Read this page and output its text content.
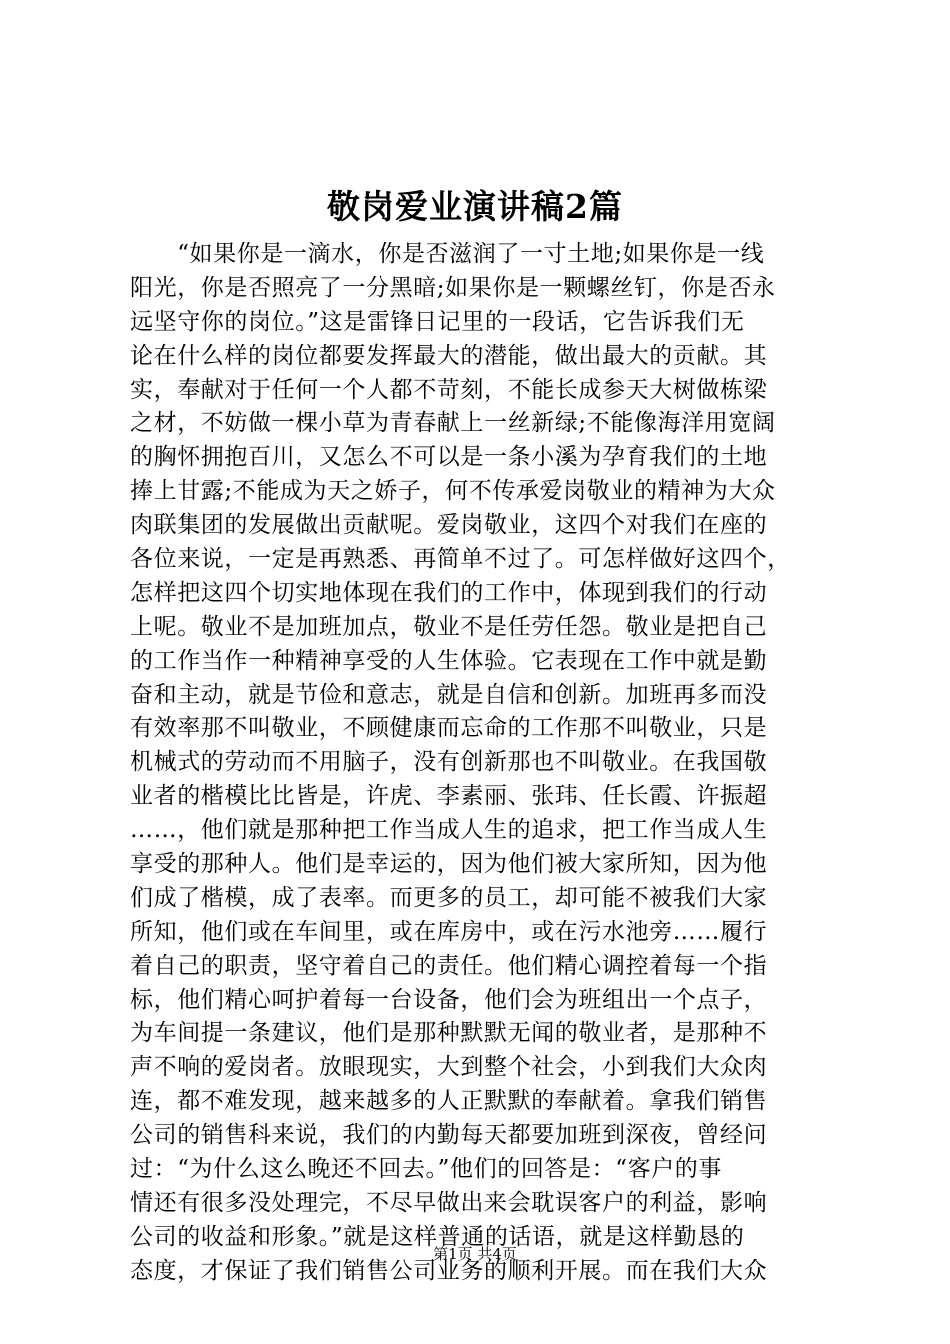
敬岗爱业演讲稿2篇
　　“如果你是一滴水，你是否滋润了一寸土地;如果你是一线
阳光，你是否照亮了一分黑暗;如果你是一颗螺丝钉，你是否永
远坚守你的岗位。”这是雷锋日记里的一段话，它告诉我们无
论在什么样的岗位都要发挥最大的潜能，做出最大的贡献。其
实，奉献对于任何一个人都不苛刻，不能长成参天大树做栋梁
之材，不妨做一棵小草为青春献上一丝新绿;不能像海洋用宽阔
的胸怀拥抱百川，又怎么不可以是一条小溪为孕育我们的土地
捧上甘露;不能成为天之娇子，何不传承爱岗敬业的精神为大众
肉联集团的发展做出贡献呢。爱岗敬业，这四个对我们在座的
各位来说，一定是再熟悉、再简单不过了。可怎样做好这四个，
怎样把这四个切实地体现在我们的工作中，体现到我们的行动
上呢。敬业不是加班加点，敬业不是任劳任怨。敬业是把自己
的工作当作一种精神享受的人生体验。它表现在工作中就是勤
奋和主动，就是节俭和意志，就是自信和创新。加班再多而没
有效率那不叫敬业，不顾健康而忘命的工作那不叫敬业，只是
机械式的劳动而不用脑子，没有创新那也不叫敬业。在我国敬
业者的楷模比比皆是，许虎、李素丽、张玮、任长霞、许振超
……，他们就是那种把工作当成人生的追求，把工作当成人生
享受的那种人。他们是幸运的，因为他们被大家所知，因为他
们成了楷模，成了表率。而更多的员工，却可能不被我们大家
所知，他们或在车间里，或在库房中，或在污水池旁……履行
着自己的职责，坚守着自己的责任。他们精心调控着每一个指
标，他们精心呵护着每一台设备，他们会为班组出一个点子，
为车间提一条建议，他们是那种默默无闻的敬业者，是那种不
声不响的爱岗者。放眼现实，大到整个社会，小到我们大众肉
连，都不难发现，越来越多的人正默默的奉献着。拿我们销售
公司的销售科来说，我们的内勤每天都要加班到深夜，曾经问
过：“为什么这么晚还不回去。”他们的回答是：“客户的事
情还有很多没处理完，不尽早做出来会耽误客户的利益，影响
公司的收益和形象。”就是这样普通的话语，就是这样勤恳的
态度，才保证了我们销售公司业务的顺利开展。而在我们大众
第1页 共4页
